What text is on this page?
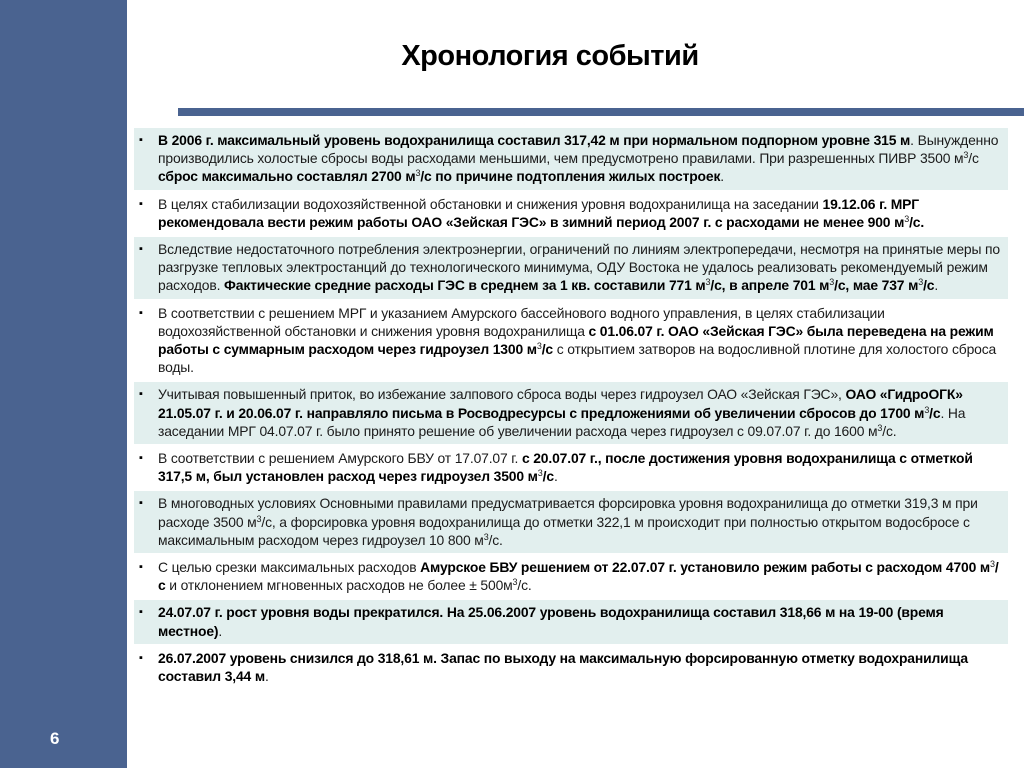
6
Хронология событий
▪ В 2006 г. максимальный уровень водохранилища составил 317,42 м при нормальном подпорном уровне 315 м. Вынужденно производились холостые сбросы воды расходами меньшими, чем предусмотрено правилами. При разрешенных ПИВР 3500 $м^3/с$ сброс максимально составлял 2700 $м^3/с$ по причине подтопления жилых построек.
▪ В целях стабилизации водохозяйственной обстановки и снижения уровня водохранилища на заседании 19.12.06 г. МРГ рекомендовала вести режим работы ОАО «Зейская ГЭС» в зимний период 2007 г. с расходами не менее 900 $м^3/с$.
▪ Вследствие недостаточного потребления электроэнергии, ограничений по линиям электропередачи, несмотря на принятые меры по разгрузке тепловых электростанций до технологического минимума, ОДУ Востока не удалось реализовать рекомендуемый режим расходов. Фактические средние расходы ГЭС в среднем за 1 кв. составили 771 $м^3/с$, в апреле 701 $м^3/с$, мае 737 $м^3/с$.
▪ В соответствии с решением МРГ и указанием Амурского бассейнового водного управления, в целях стабилизации водохозяйственной обстановки и снижения уровня водохранилища с 01.06.07 г. ОАО «Зейская ГЭС» была переведена на режим работы с суммарным расходом через гидроузел 1300 $м^3/с$ с открытием затворов на водосливной плотине для холостого сброса воды.
▪ Учитывая повышенный приток, во избежание залпового сброса воды через гидроузел ОАО «Зейская ГЭС», ОАО «ГидроОГК» 21.05.07 г. и 20.06.07 г. направляло письма в Росводресурсы с предложениями об увеличении сбросов до 1700 $м^3/с$. На заседании МРГ 04.07.07 г. было принято решение об увеличении расхода через гидроузел с 09.07.07 г. до 1600 $м^3/с$.
▪ В соответствии с решением Амурского БВУ от 17.07.07 г. с 20.07.07 г., после достижения уровня водохранилища с отметкой 317,5 м, был установлен расход через гидроузел 3500 $м^3/с$.
▪ В многоводных условиях Основными правилами предусматривается форсировка уровня водохранилища до отметки 319,3 м при расходе 3500 $м^3/с$, а форсировка уровня водохранилища до отметки 322,1 м происходит при полностью открытом водосбросе с максимальным расходом через гидроузел 10 800 $м^3/с$.
▪ С целью срезки максимальных расходов Амурское БВУ решением от 22.07.07 г. установило режим работы с расходом 4700 $м^3/с$ и отклонением мгновенных расходов не более ± $500м^3/с$.
▪ 24.07.07 г. рост уровня воды прекратился. На 25.06.2007 уровень водохранилища составил 318,66 м на 19-00 (время местное).
▪ 26.07.2007 уровень снизился до 318,61 м. Запас по выходу на максимальную форсированную отметку водохранилища составил 3,44 м.
